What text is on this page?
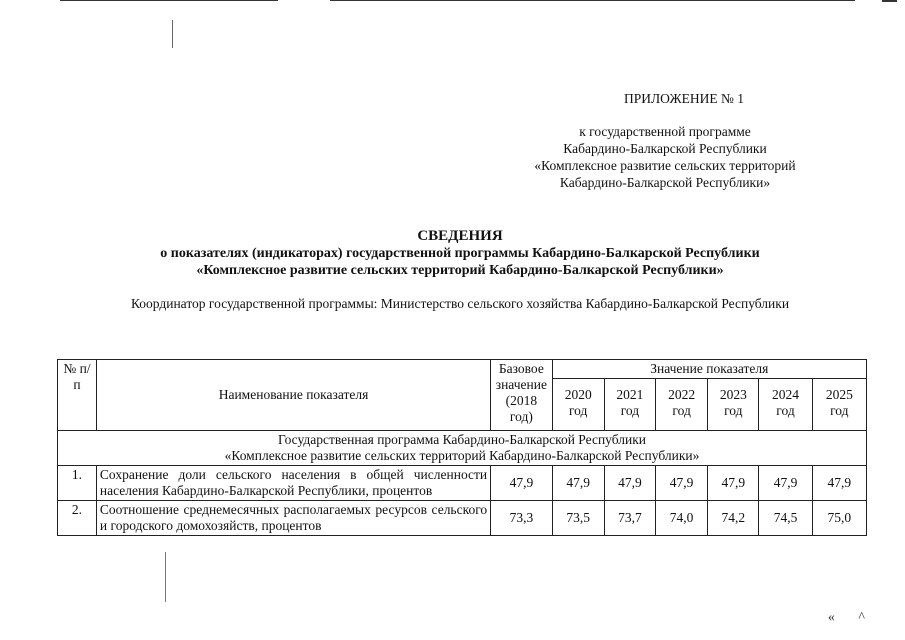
ПРИЛОЖЕНИЕ № 1
к государственной программе
Кабардино-Балкарской Республики
«Комплексное развитие сельских территорий
Кабардино-Балкарской Республики»
СВЕДЕНИЯ
о показателях (индикаторах) государственной программы Кабардино-Балкарской Республики
«Комплексное развитие сельских территорий Кабардино-Балкарской Республики»
Координатор государственной программы: Министерство сельского хозяйства Кабардино-Балкарской Республики
№ п/п	Наименование показателя	Базовое значение (2018 год)	Значение показателя					
			2020 год	2021 год	2022 год	2023 год	2024 год	2025 год
Государственная программа Кабардино-Балкарской Республики
«Комплексное развитие сельских территорий Кабардино-Балкарской Республики»								
1.	Сохранение доли сельского населения в общей численности населения Кабардино-Балкарской Республики, процентов	47,9	47,9	47,9	47,9	47,9	47,9	47,9
2.	Соотношение среднемесячных располагаемых ресурсов сельского и городского домохозяйств, процентов	73,3	73,5	73,7	74,0	74,2	74,5	75,0
« ^
